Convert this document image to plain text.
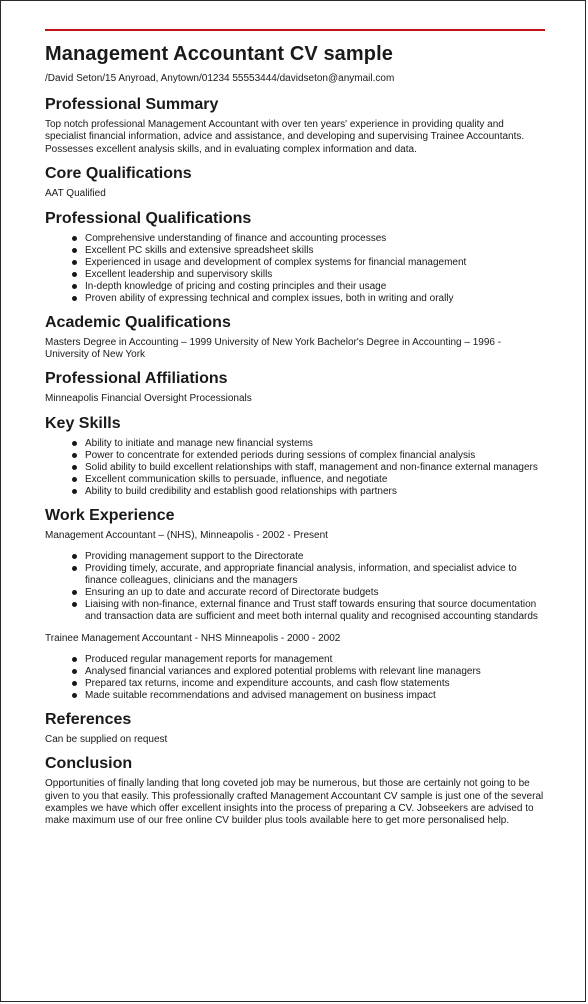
Management Accountant CV sample
/David Seton/15 Anyroad, Anytown/01234 55553444/davidseton@anymail.com
Professional Summary

Top notch professional Management Accountant with over ten years' experience in providing quality and specialist financial information, advice and assistance, and developing and supervising Trainee Accountants. Possesses excellent analysis skills, and in evaluating complex information and data.

Core Qualifications

AAT Qualified

Professional Qualifications
Comprehensive understanding of finance and accounting processes
Excellent PC skills and extensive spreadsheet skills
Experienced in usage and development of complex systems for financial management
Excellent leadership and supervisory skills
In-depth knowledge of pricing and costing principles and their usage
Proven ability of expressing technical and complex issues, both in writing and orally
Academic Qualifications

Masters Degree in Accounting – 1999 University of New York Bachelor's Degree in Accounting – 1996 - University of New York

Professional Affiliations

Minneapolis Financial Oversight Processionals

Key Skills
Ability to initiate and manage new financial systems
Power to concentrate for extended periods during sessions of complex financial analysis
Solid ability to build excellent relationships with staff, management and non-finance external managers
Excellent communication skills to persuade, influence, and negotiate
Ability to build credibility and establish good relationships with partners
Work Experience
Management Accountant – (NHS), Minneapolis - 2002 - Present
Providing management support to the Directorate
Providing timely, accurate, and appropriate financial analysis, information, and specialist advice to finance colleagues, clinicians and the managers
Ensuring an up to date and accurate record of Directorate budgets
Liaising with non-finance, external finance and Trust staff towards ensuring that source documentation and transaction data are sufficient and meet both internal quality and recognised accounting standards
Trainee Management Accountant - NHS Minneapolis - 2000 - 2002
Produced regular management reports for management
Analysed financial variances and explored potential problems with relevant line managers
Prepared tax returns, income and expenditure accounts, and cash flow statements
Made suitable recommendations and advised management on business impact
References

Can be supplied on request

Conclusion

Opportunities of finally landing that long coveted job may be numerous, but those are certainly not going to be given to you that easily. This professionally crafted Management Accountant CV sample is just one of the several examples we have which offer excellent insights into the process of preparing a CV. Jobseekers are advised to make maximum use of our free online CV builder plus tools available here to get more personalised help.
